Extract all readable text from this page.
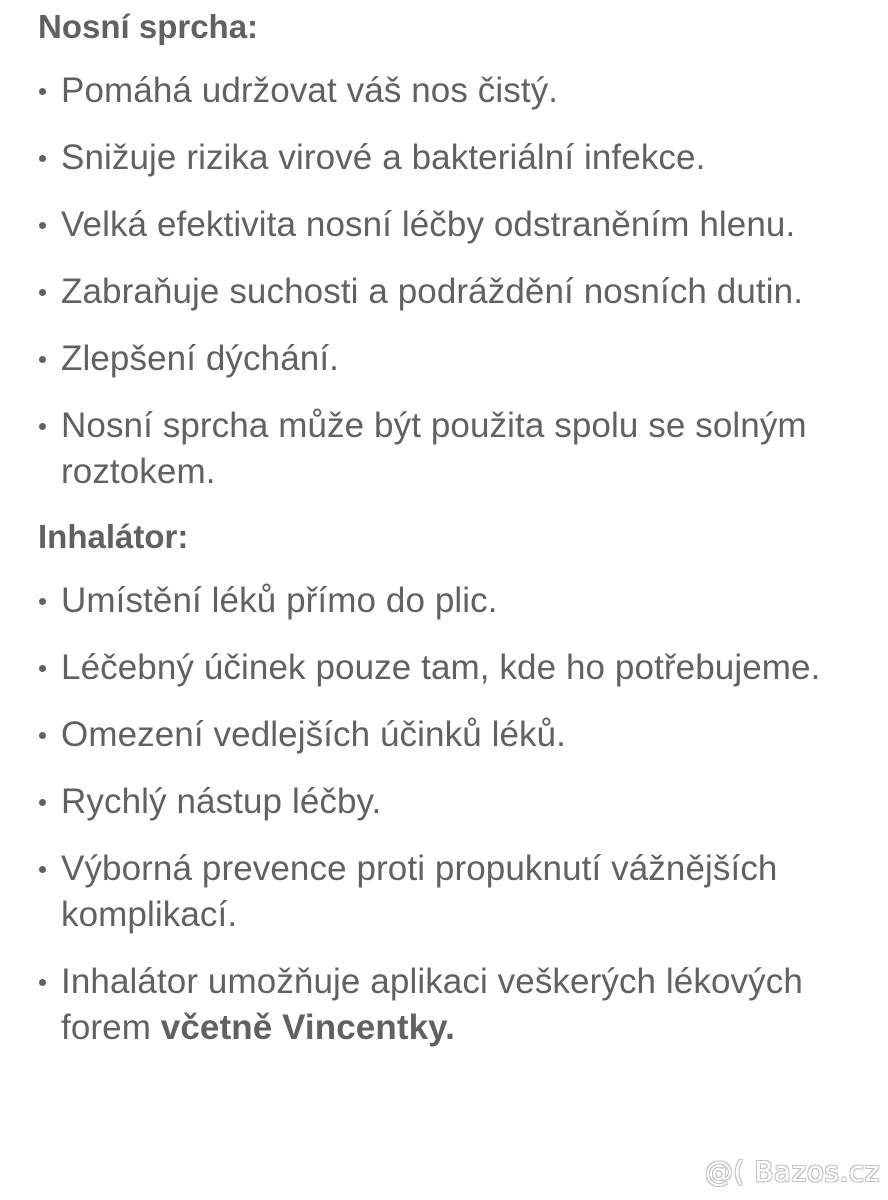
Nosní sprcha:
Pomáhá udržovat váš nos čistý.
Snižuje rizika virové a bakteriální infekce.
Velká efektivita nosní léčby odstraněním hlenu.
Zabraňuje suchosti a podráždění nosních dutin.
Zlepšení dýchání.
Nosní sprcha může být použita spolu se solným roztokem.
Inhalátor:
Umístění léků přímo do plic.
Léčebný účinek pouze tam, kde ho potřebujeme.
Omezení vedlejších účinků léků.
Rychlý nástup léčby.
Výborná prevence proti propuknutí vážnějších komplikací.
Inhalátor umožňuje aplikaci veškerých lékových forem včetně Vincentky.
@( Bazos.cz
